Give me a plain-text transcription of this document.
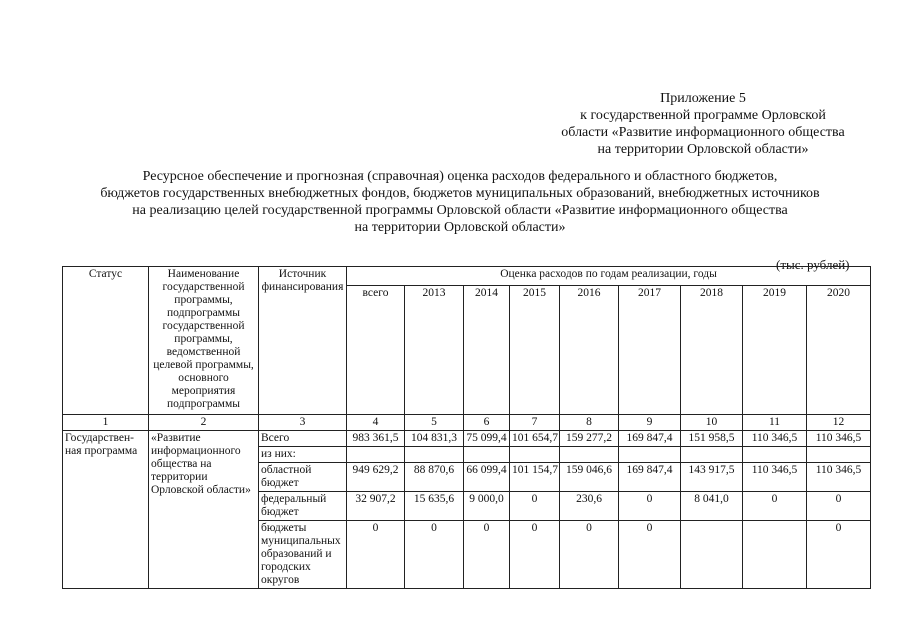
Приложение 5
к государственной программе Орловской
области «Развитие информационного общества
на территории Орловской области»
Ресурсное обеспечение и прогнозная (справочная) оценка расходов федерального и областного бюджетов,
бюджетов государственных внебюджетных фондов, бюджетов муниципальных образований, внебюджетных источников
на реализацию целей государственной программы Орловской области «Развитие информационного общества
на территории Орловской области»
(тыс. рублей)
Статус	Наименование государственной программы, подпрограммы государственной программы, ведомственной целевой программы, основного мероприятия подпрограммы	Источник финансирования	Оценка расходов по годам реализации, годы								
			всего	2013	2014	2015	2016	2017	2018	2019	2020
1	2	3	4	5	6	7	8	9	10	11	12
Государствен-ная программа	«Развитие информационного общества на территории Орловской области»	Всего	983 361,5	104 831,3	75 099,4	101 654,7	159 277,2	169 847,4	151 958,5	110 346,5	110 346,5
		из них:									
		областной бюджет	949 629,2	88 870,6	66 099,4	101 154,7	159 046,6	169 847,4	143 917,5	110 346,5	110 346,5
		федеральный бюджет	32 907,2	15 635,6	9 000,0	0	230,6	0	8 041,0	0	0
		бюджеты муниципальных образований и городских округов	0	0	0	0	0	0			0
